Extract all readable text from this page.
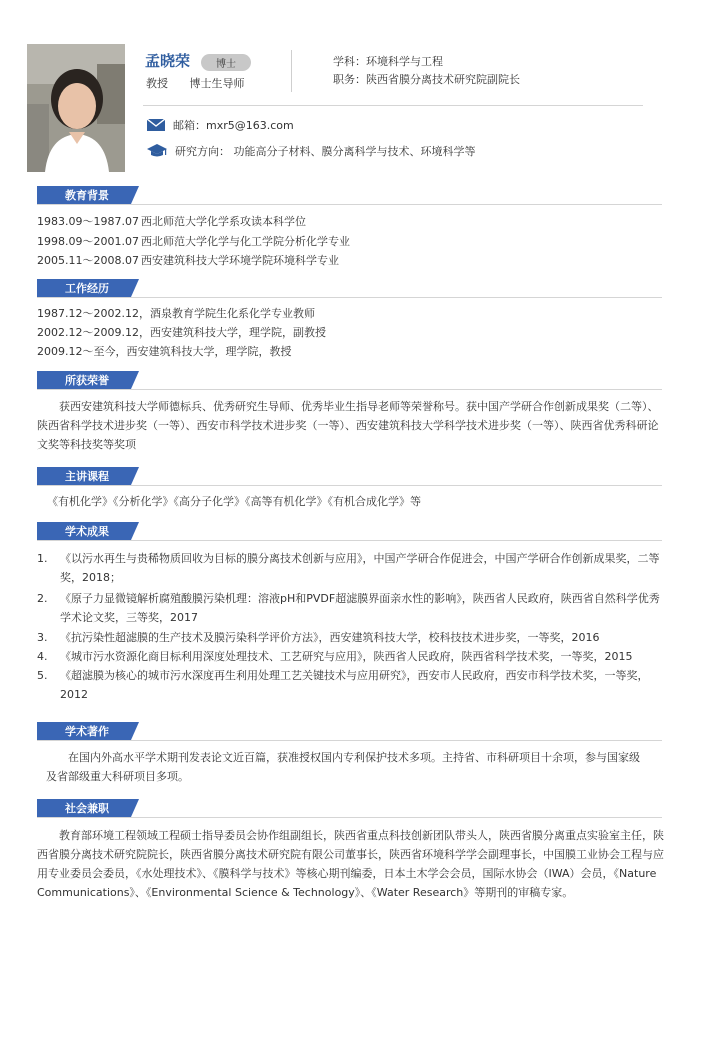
孟晓荣	博士
教授 博士生导师
学科：环境科学与工程
职务：陕西省膜分离技术研究院副院长
邮箱：mxr5@163.com
研究方向： 功能高分子材料、膜分离科学与技术、环境科学等
教育背景
1983.09～1987.07 西北师范大学化学系攻读本科学位
1998.09～2001.07 西北师范大学化学与化工学院分析化学专业
2005.11～2008.07 西安建筑科技大学环境学院环境科学专业
工作经历
1987.12～2002.12，酒泉教育学院生化系化学专业教师
2002.12～2009.12，西安建筑科技大学，理学院，副教授
2009.12～至今，西安建筑科技大学，理学院，教授
所获荣誉
获西安建筑科技大学师德标兵、优秀研究生导师、优秀毕业生指导老师等荣誉称号。获中国产学研合作创新成果奖（二等）、陕西省科学技术进步奖（一等）、西安市科学技术进步奖（一等）、西安建筑科技大学科学技术进步奖（一等）、陕西省优秀科研论文奖等科技奖等奖项
主讲课程
《有机化学》《分析化学》《高分子化学》《高等有机化学》《有机合成化学》等
学术成果
1. 《以污水再生与贵稀物质回收为目标的膜分离技术创新与应用》，中国产学研合作促进会，中国产学研合作创新成果奖，二等奖，2018；
2. 《原子力显微镜解析腐殖酸膜污染机理：溶液pH和PVDF超滤膜界面亲水性的影响》，陕西省人民政府，陕西省自然科学优秀学术论文奖，三等奖，2017
3. 《抗污染性超滤膜的生产技术及膜污染科学评价方法》，西安建筑科技大学，校科技技术进步奖，一等奖，2016
4. 《城市污水资源化商目标利用深度处理技术、工艺研究与应用》，陕西省人民政府，陕西省科学技术奖，一等奖，2015
5. 《超滤膜为核心的城市污水深度再生利用处理工艺关键技术与应用研究》，西安市人民政府，西安市科学技术奖，一等奖，2012
学术著作
在国内外高水平学术期刊发表论文近百篇，获准授权国内专利保护技术多项。主持省、市科研项目十余项，参与国家级及省部级重大科研项目多项。
社会兼职
教育部环境工程领域工程硕士指导委员会协作组副组长，陕西省重点科技创新团队带头人，陕西省膜分离重点实验室主任，陕西省膜分离技术研究院院长，陕西省膜分离技术研究院有限公司董事长，陕西省环境科学学会副理事长，中国膜工业协会工程与应用专业委员会委员，《水处理技术》、《膜科学与技术》等核心期刊编委，日本土木学会会员，国际水协会（IWA）会员，《Nature Communications》、《Environmental Science & Technology》、《Water Research》等期刊的审稿专家。
